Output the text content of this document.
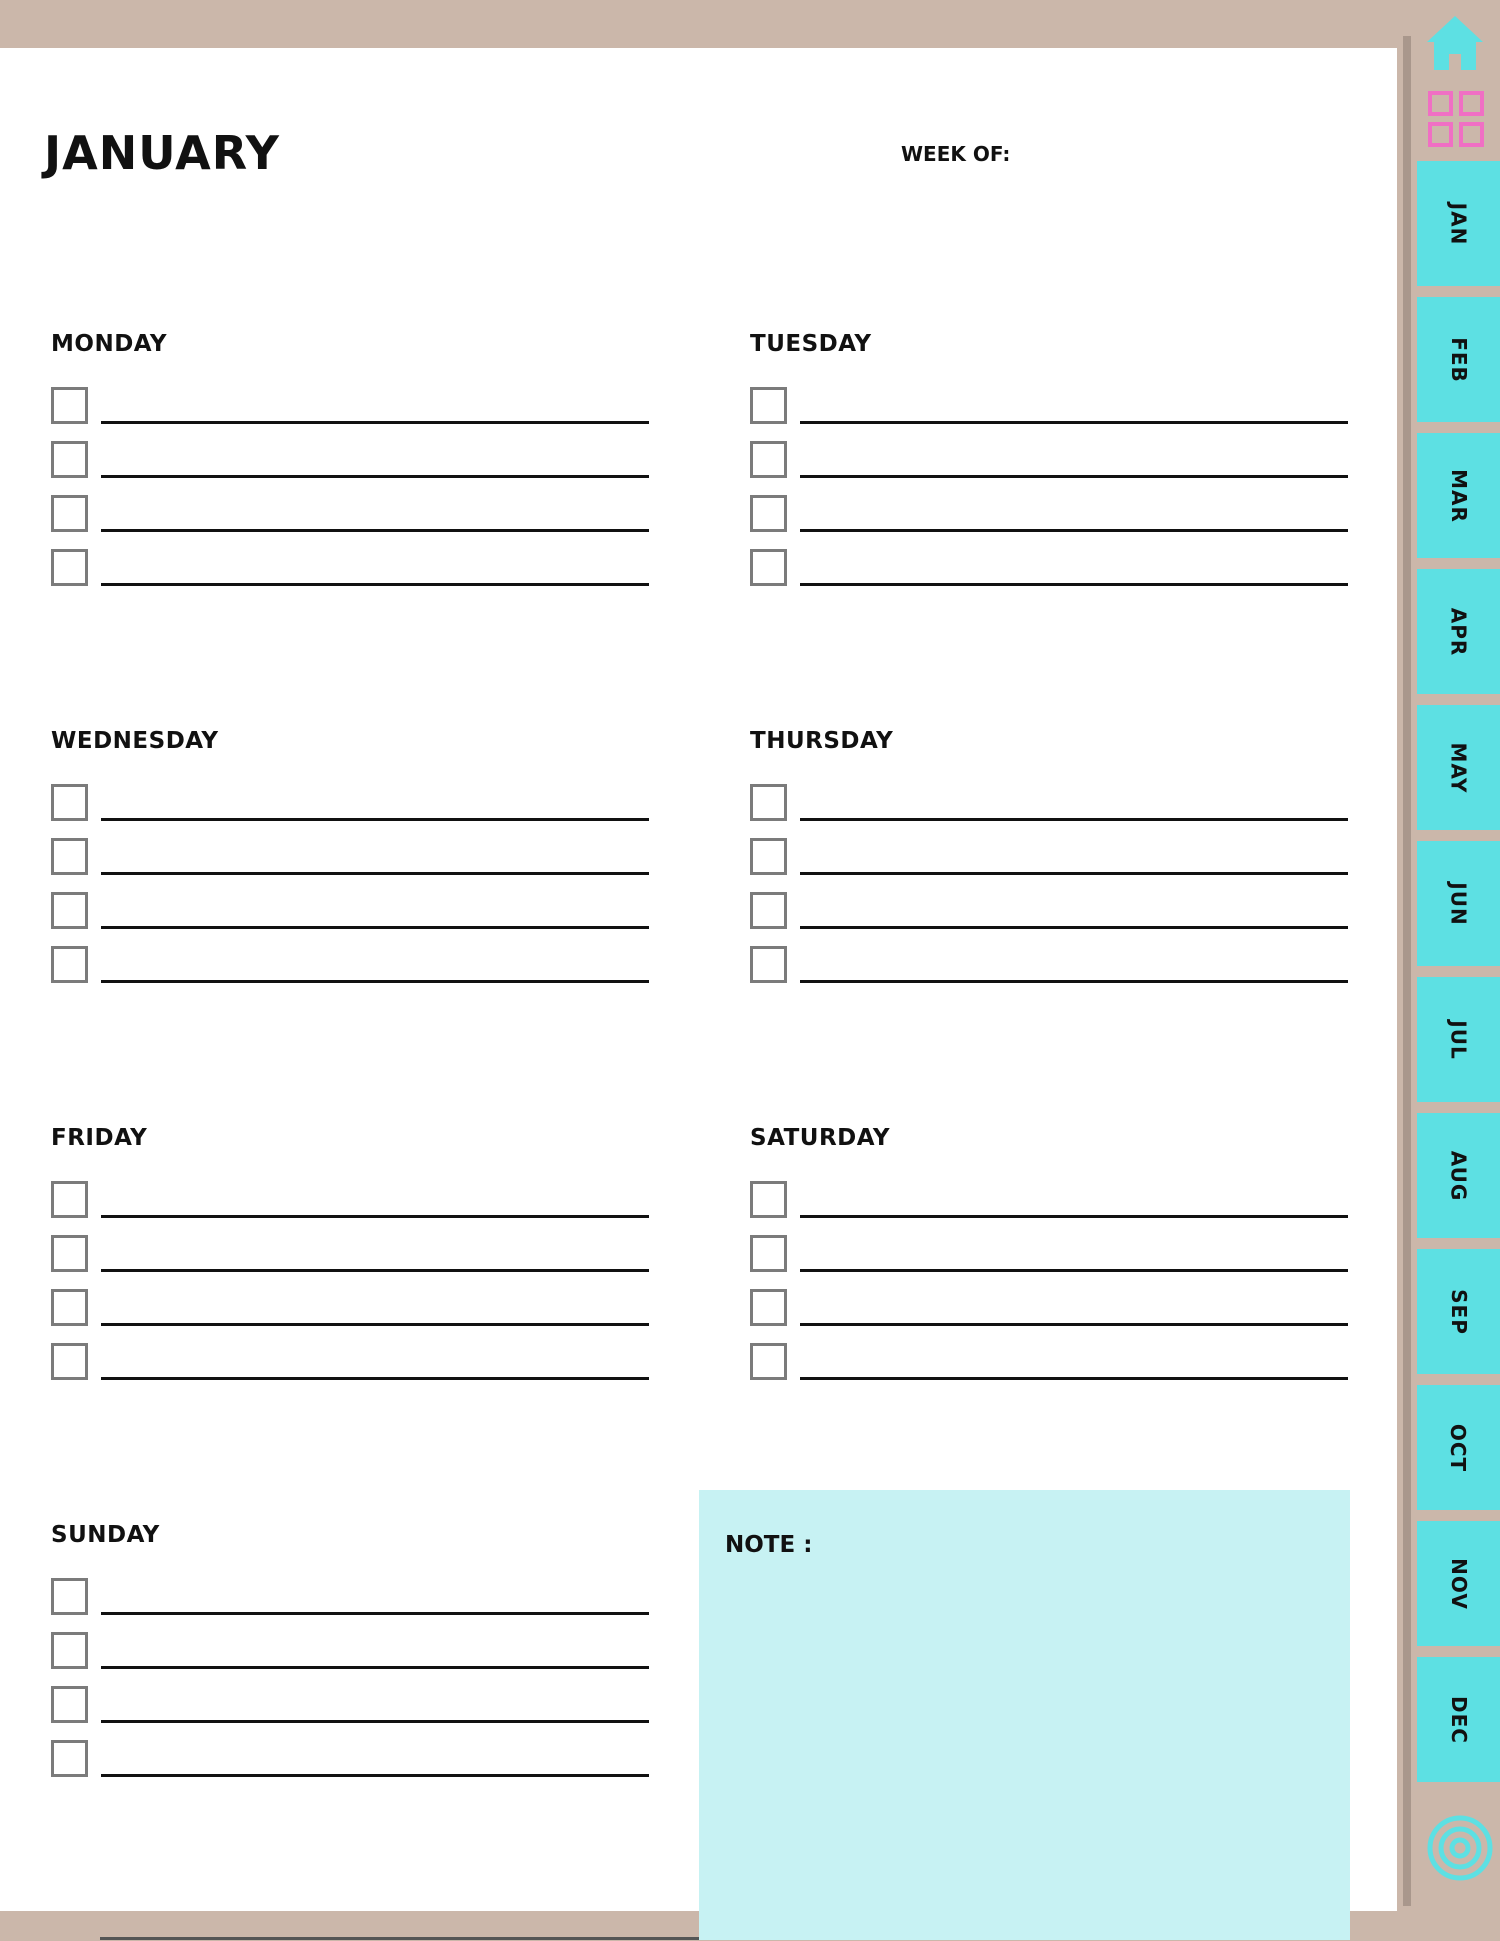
JANUARY	WEEK OF:
MONDAY	TUESDAY
WEDNESDAY	THURSDAY
FRIDAY	SATURDAY
SUNDAY	NOTE :
JAN
FEB
MAR
APR
MAY
JUN
JUL
AUG
SEP
OCT
NOV
DEC
